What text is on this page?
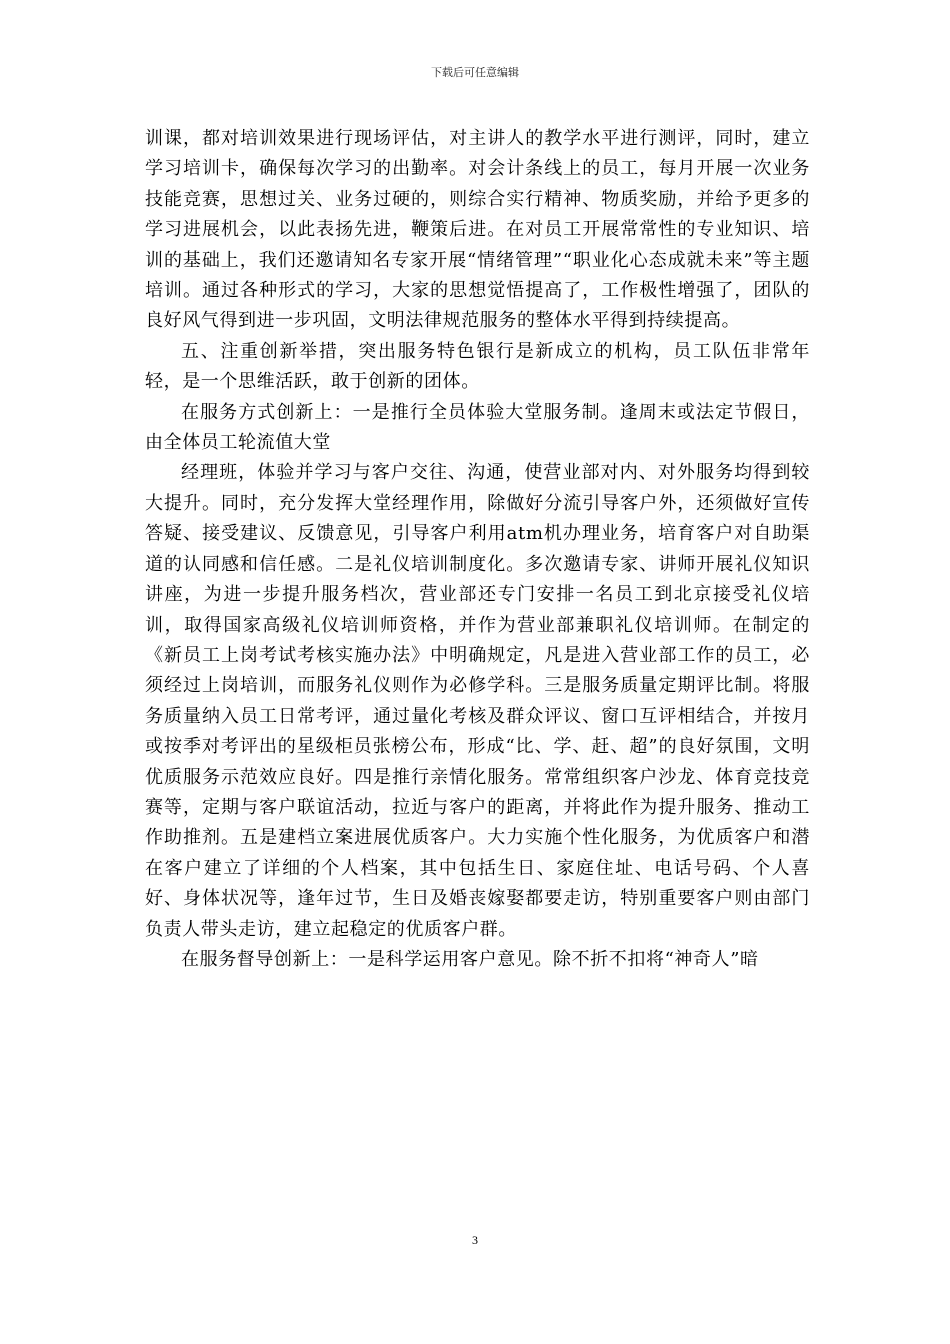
下载后可任意编辑

训课，都对培训效果进行现场评估，对主讲人的教学水平进行测评，同时，建立学习培训卡，确保每次学习的出勤率。对会计条线上的员工，每月开展一次业务技能竞赛，思想过关、业务过硬的，则综合实行精神、物质奖励，并给予更多的学习进展机会，以此表扬先进，鞭策后进。在对员工开展常常性的专业知识、培训的基础上，我们还邀请知名专家开展“情绪管理”“职业化心态成就未来”等主题培训。通过各种形式的学习，大家的思想觉悟提高了，工作极性增强了，团队的良好风气得到进一步巩固，文明法律规范服务的整体水平得到持续提高。

五、注重创新举措，突出服务特色银行是新成立的机构，员工队伍非常年轻，是一个思维活跃，敢于创新的团体。

在服务方式创新上：一是推行全员体验大堂服务制。逢周末或法定节假日，由全体员工轮流值大堂

经理班，体验并学习与客户交往、沟通，使营业部对内、对外服务均得到较大提升。同时，充分发挥大堂经理作用，除做好分流引导客户外，还须做好宣传答疑、接受建议、反馈意见，引导客户利用atm机办理业务，培育客户对自助渠道的认同感和信任感。二是礼仪培训制度化。多次邀请专家、讲师开展礼仪知识讲座，为进一步提升服务档次，营业部还专门安排一名员工到北京接受礼仪培训，取得国家高级礼仪培训师资格，并作为营业部兼职礼仪培训师。在制定的《新员工上岗考试考核实施办法》中明确规定，凡是进入营业部工作的员工，必须经过上岗培训，而服务礼仪则作为必修学科。三是服务质量定期评比制。将服务质量纳入员工日常考评，通过量化考核及群众评议、窗口互评相结合，并按月或按季对考评出的星级柜员张榜公布，形成“比、学、赶、超”的良好氛围，文明优质服务示范效应良好。四是推行亲情化服务。常常组织客户沙龙、体育竞技竞赛等，定期与客户联谊活动，拉近与客户的距离，并将此作为提升服务、推动工作助推剂。五是建档立案进展优质客户。大力实施个性化服务，为优质客户和潜在客户建立了详细的个人档案，其中包括生日、家庭住址、电话号码、个人喜好、身体状况等，逢年过节，生日及婚丧嫁娶都要走访，特别重要客户则由部门负责人带头走访，建立起稳定的优质客户群。

在服务督导创新上：一是科学运用客户意见。除不折不扣将“神奇人”暗

3
